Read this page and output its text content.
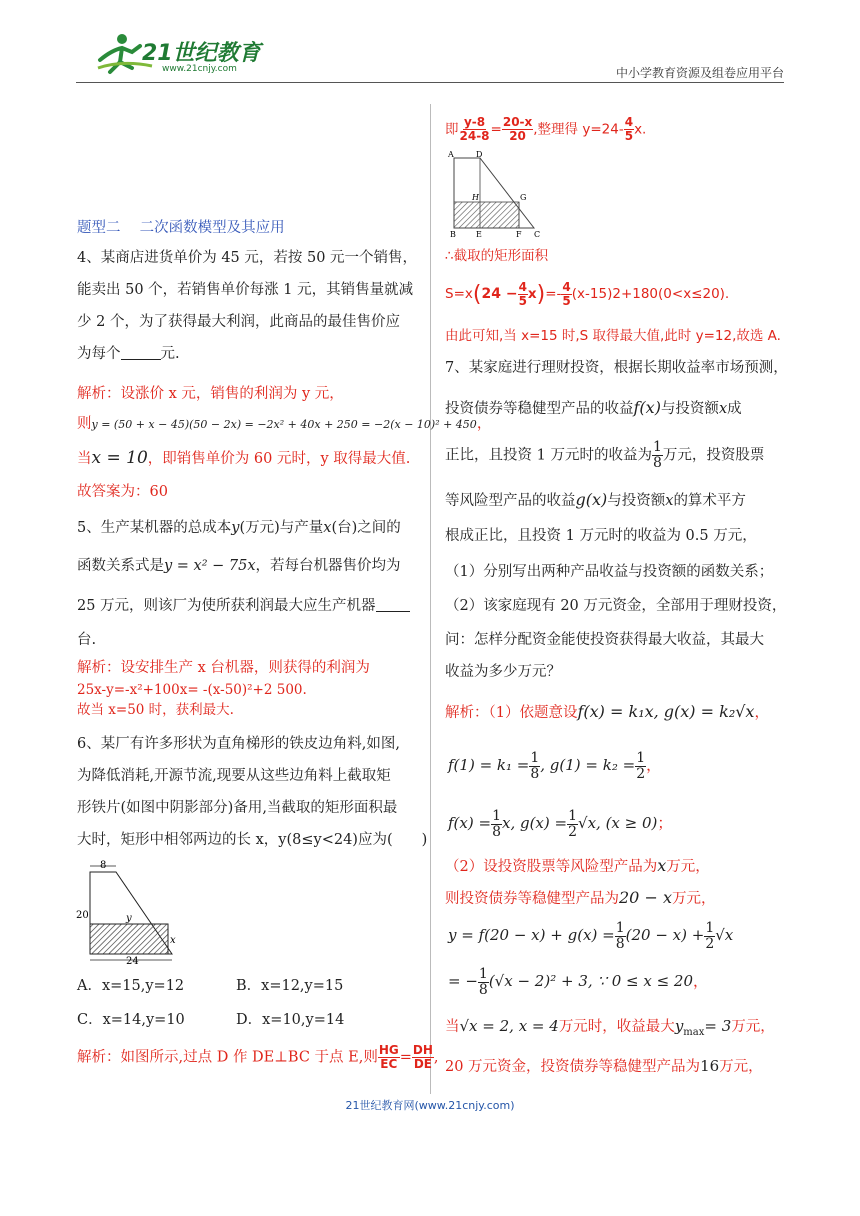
21世纪教育
www.21cnjy.com	中小学教育资源及组卷应用平台
题型二　 二次函数模型及其应用
4、某商店进货单价为 45 元，若按 50 元一个销售，
能卖出 50 个，若销售单价每涨 1 元，其销售量就减
少 2 个，为了获得最大利润，此商品的最佳售价应
为每个	元.
解析：设涨价 x 元，销售的利润为 y 元，
则y = (50 + x − 45)(50 − 2x) = −2x² + 40x + 250 = −2(x − 10)² + 450，
当x = 10，即销售单价为 60 元时，y 取得最大值.
故答案为：60
5、生产某机器的总成本y(万元)与产量x(台)之间的
函数关系式是y = x² − 75x，若每台机器售价均为
25 万元，则该厂为使所获利润最大应生产机器
台.
解析：设安排生产 x 台机器，则获得的利润为
25x-y=-x²+100x= -(x-50)²+2 500.
故当 x=50 时，获利最大.
6、某厂有许多形状为直角梯形的铁皮边角料,如图,
为降低消耗,开源节流,现要从这些边角料上截取矩
形铁片(如图中阴影部分)备用,当截取的矩形面积最
大时，矩形中相邻两边的长 x，y(8≤y<24)应为(　　)
8
20
24
y
x
A．x=15,y=12	B．x=12,y=15
C．x=14,y=10	D．x=10,y=14
解析：如图所示,过点 D 作 DE⊥BC 于点 E,则 $\frac{HG}{EC} = \frac{DH}{DE}$ ,
即 $\frac{y-8}{24-8} = \frac{20-x}{20}$ ,整理得 $y=24- \frac{4}{5} x$.
A	D
H	G
B	E	F C
∴截取的矩形面积
$S=x(24 - \frac{4}{5} x)=- \frac{4}{5} (x-15)2+180(0<x\le 20)$.
由此可知,当 x=15 时,S 取得最大值,此时 y=12,故选 A.
7、某家庭进行理财投资，根据长期收益率市场预测，
投资债券等稳健型产品的收益f(x)与投资额x成
正比，且投资 1 万元时的收益为 $\frac{1}{8}$ 万元，投资股票
等风险型产品的收益g(x)与投资额x的算术平方
根成正比，且投资 1 万元时的收益为 0.5 万元，
（1）分别写出两种产品收益与投资额的函数关系；
（2）该家庭现有 20 万元资金，全部用于理财投资，
问：怎样分配资金能使投资获得最大收益，其最大
收益为多少万元？
解析：（1）依题意设f(x) = k₁x, g(x) = k₂√x，
$f(1) = k_1 = \frac{1}{8}$ , $g(1) = k_2 = \frac{1}{2}$ ，
$f(x) = \frac{1}{8} x$, $g(x) = \frac{1}{2} √x$, (x ≥ 0)；
（2）设投资股票等风险型产品为x万元，
则投资债券等稳健型产品为20 − x万元，
$y = f(20 - x) + g(x) = \frac{1}{8} (20 - x) + \frac{1}{2} √x$
= − $\frac{1}{8} (√x - 2)^2 + 3$, ∵ 0 ≤ x ≤ 20，
当√x = 2, x = 4万元时，收益最大$y_{max}= 3$万元，
20 万元资金，投资债券等稳健型产品为16万元，
21世纪教育网(www.21cnjy.com)
